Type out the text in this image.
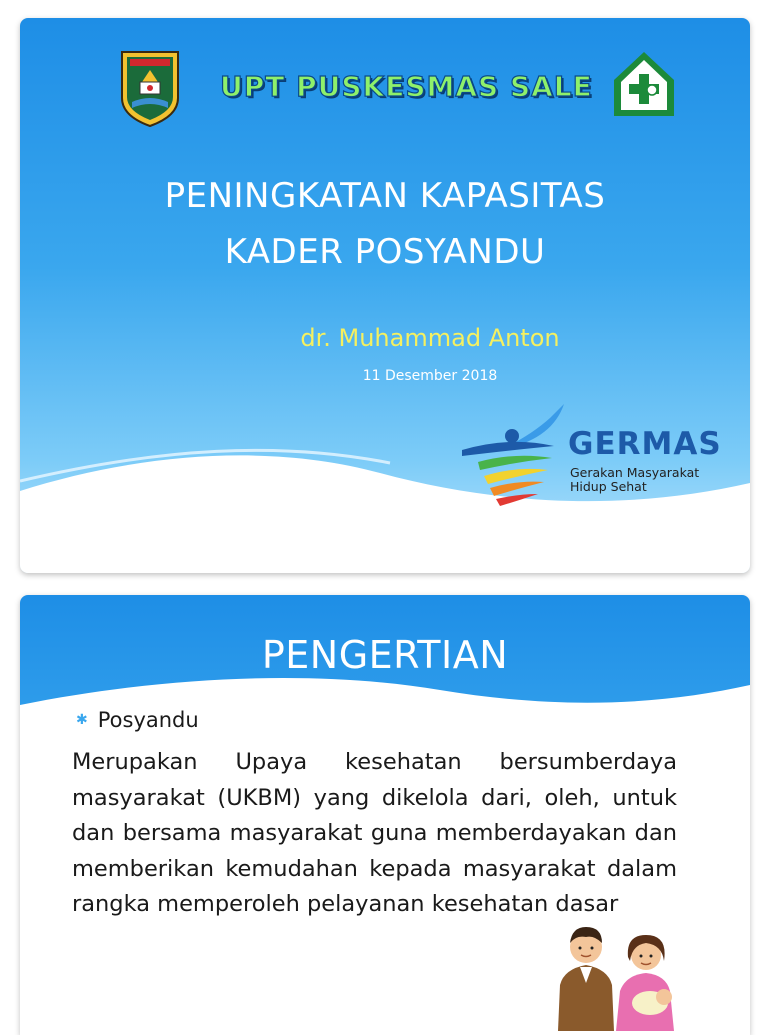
UPT PUSKESMAS SALE
PENINGKATAN KAPASITAS
KADER POSYANDU
dr. Muhammad Anton
11 Desember 2018
GERMAS
Gerakan Masyarakat
Hidup Sehat
PENGERTIAN
✱ Posyandu
Merupakan Upaya kesehatan bersumberdaya masyarakat (UKBM) yang dikelola dari, oleh, untuk dan bersama masyarakat guna memberdayakan dan memberikan kemudahan kepada masyarakat dalam rangka memperoleh pelayanan kesehatan dasar
